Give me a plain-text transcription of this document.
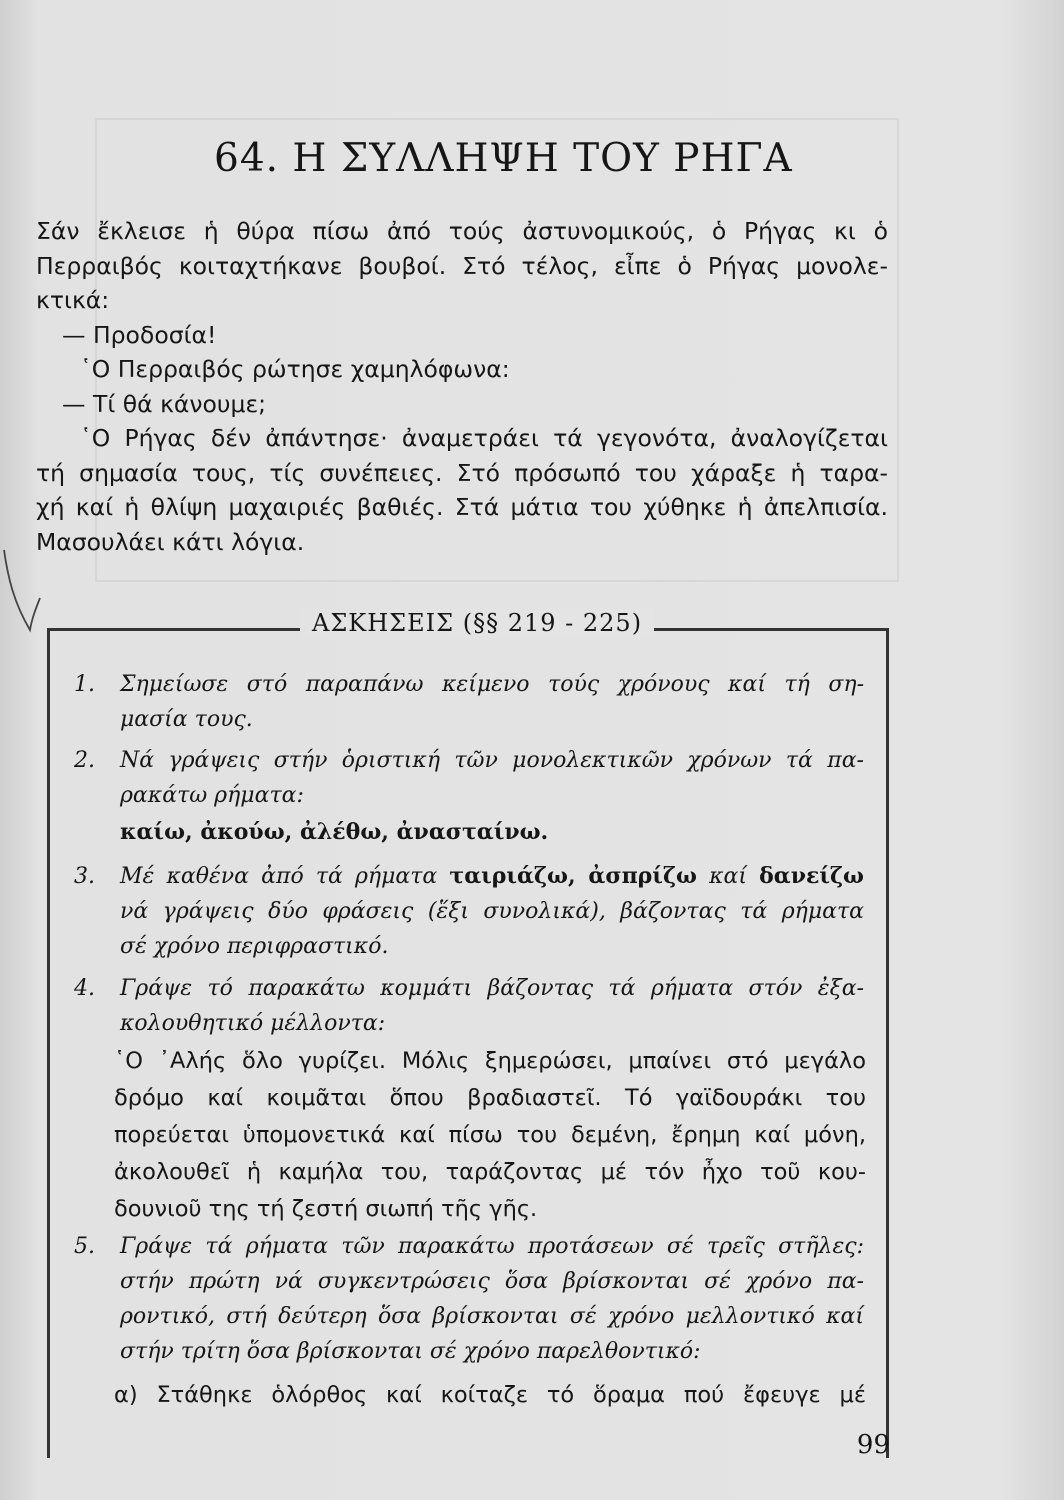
64. Η ΣΥΛΛΗΨΗ ΤΟΥ ΡΗΓΑ

Σάν ἔκλεισε ἡ θύρα πίσω ἀπό τούς ἀστυνομικούς, ὁ Ρήγας κι ὁ

Περραιβός κοιταχτήκανε βουβοί. Στό τέλος, εἶπε ὁ Ρήγας μονολε-

κτικά:

— Προδοσία!

῾Ο Περραιβός ρώτησε χαμηλόφωνα:

— Τί θά κάνουμε;

῾Ο Ρήγας δέν ἀπάντησε· ἀναμετράει τά γεγονότα, ἀναλογίζεται

τή σημασία τους, τίς συνέπειες. Στό πρόσωπό του χάραξε ἡ ταρα-

χή καί ἡ θλίψη μαχαιριές βαθιές. Στά μάτια του χύθηκε ἡ ἀπελπισία.

Μασουλάει κάτι λόγια.

ΑΣΚΗΣΕΙΣ (§§ 219 - 225)
1. Σημείωσε στό παραπάνω κείμενο τούς χρόνους καί τή ση-
μασία τους.
2. Νά γράψεις στήν ὁριστική τῶν μονολεκτικῶν χρόνων τά πα-
ρακάτω ρήματα:
καίω, ἀκούω, ἀλέθω, ἀνασταίνω.
3. Μέ καθένα ἀπό τά ρήματα ταιριάζω, ἀσπρίζω καί δανείζω
νά γράψεις δύο φράσεις (ἕξι συνολικά), βάζοντας τά ρήματα
σέ χρόνο περιφραστικό.
4. Γράψε τό παρακάτω κομμάτι βάζοντας τά ρήματα στόν ἐξα-
κολουθητικό μέλλοντα:

῾Ο ᾿Αλής ὅλο γυρίζει. Μόλις ξημερώσει, μπαίνει στό μεγάλο

δρόμο καί κοιμᾶται ὅπου βραδιαστεῖ. Τό γαϊδουράκι του

πορεύεται ὑπομονετικά καί πίσω του δεμένη, ἔρημη καί μόνη,

ἀκολουθεῖ ἡ καμήλα του, ταράζοντας μέ τόν ἦχο τοῦ κου-

δουνιοῦ της τή ζεστή σιωπή τῆς γῆς.

5. Γράψε τά ρήματα τῶν παρακάτω προτάσεων σέ τρεῖς στῆλες:
στήν πρώτη νά συγκεντρώσεις ὅσα βρίσκονται σέ χρόνο πα-
ροντικό, στή δεύτερη ὅσα βρίσκονται σέ χρόνο μελλοντικό καί
στήν τρίτη ὅσα βρίσκονται σέ χρόνο παρελθοντικό:

α) Στάθηκε ὁλόρθος καί κοίταζε τό ὅραμα πού ἔφευγε μέ

99
